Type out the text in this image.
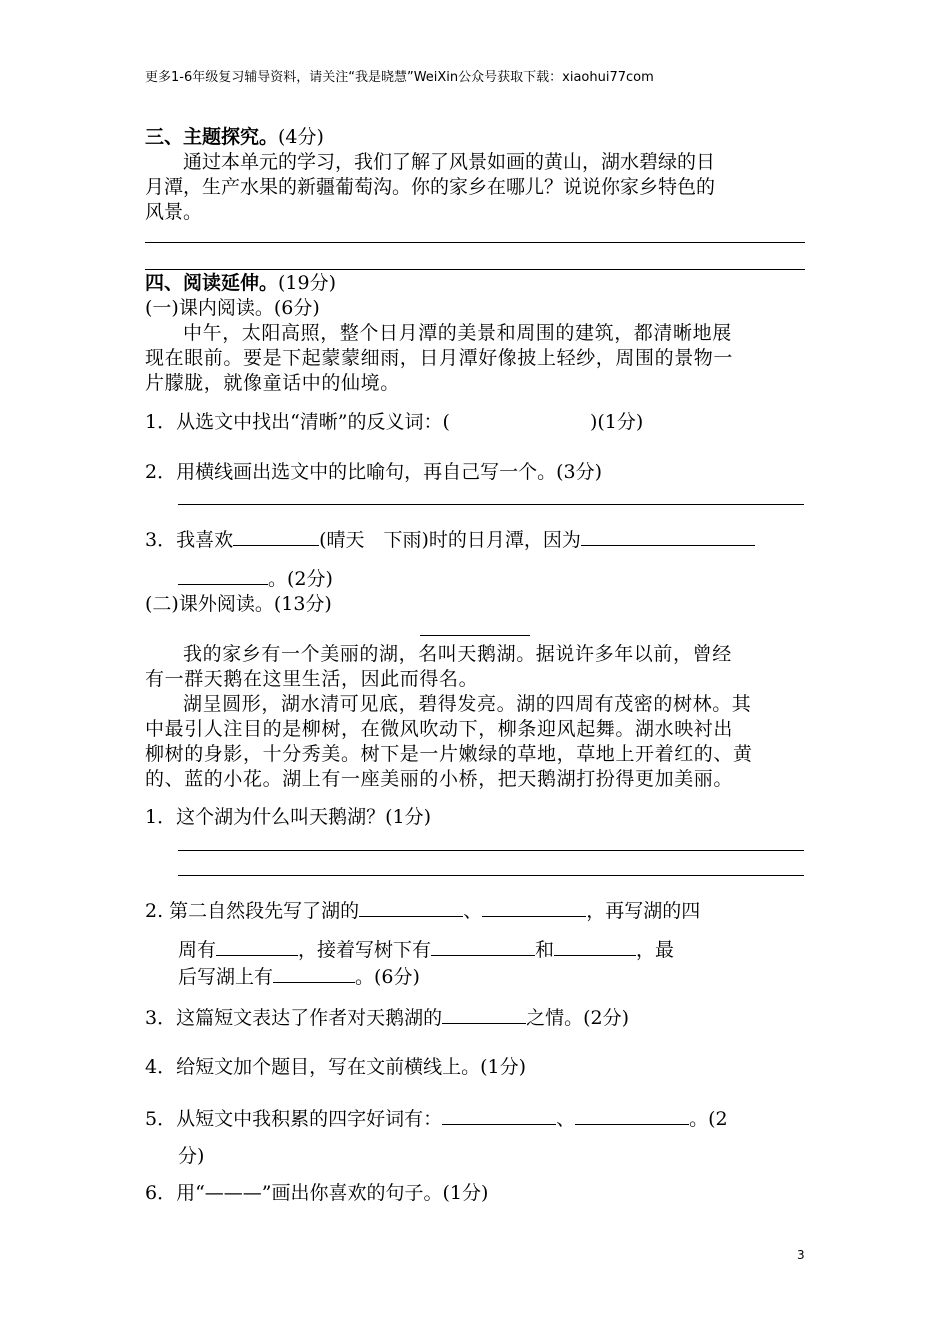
更多1-6年级复习辅导资料，请关注“我是晓慧”WeiXin公众号获取下载：xiaohui77com
三、主题探究。(4分)
通过本单元的学习，我们了解了风景如画的黄山，湖水碧绿的日
月潭，生产水果的新疆葡萄沟。你的家乡在哪儿？说说你家乡特色的
风景。
四、阅读延伸。(19分)
(一)课内阅读。(6分)
中午，太阳高照，整个日月潭的美景和周围的建筑，都清晰地展
现在眼前。要是下起蒙蒙细雨，日月潭好像披上轻纱，周围的景物一
片朦胧，就像童话中的仙境。
1．从选文中找出“清晰”的反义词：(	)(1分)
2．用横线画出选文中的比喻句，再自己写一个。(3分)
3．我喜欢	(晴天　下雨)时的日月潭，因为
。(2分)
(二)课外阅读。(13分)
我的家乡有一个美丽的湖，名叫天鹅湖。据说许多年以前，曾经
有一群天鹅在这里生活，因此而得名。
湖呈圆形，湖水清可见底，碧得发亮。湖的四周有茂密的树林。其
中最引人注目的是柳树，在微风吹动下，柳条迎风起舞。湖水映衬出
柳树的身影，十分秀美。树下是一片嫩绿的草地，草地上开着红的、黄
的、蓝的小花。湖上有一座美丽的小桥，把天鹅湖打扮得更加美丽。
1．这个湖为什么叫天鹅湖？(1分)
2. 第二自然段先写了湖的	、	，再写湖的四
周有	，接着写树下有	和	，最
后写湖上有	。(6分)
3．这篇短文表达了作者对天鹅湖的	之情。(2分)
4．给短文加个题目，写在文前横线上。(1分)
5．从短文中我积累的四字好词有：	、	。(2
分)
6．用“———”画出你喜欢的句子。(1分)
3
